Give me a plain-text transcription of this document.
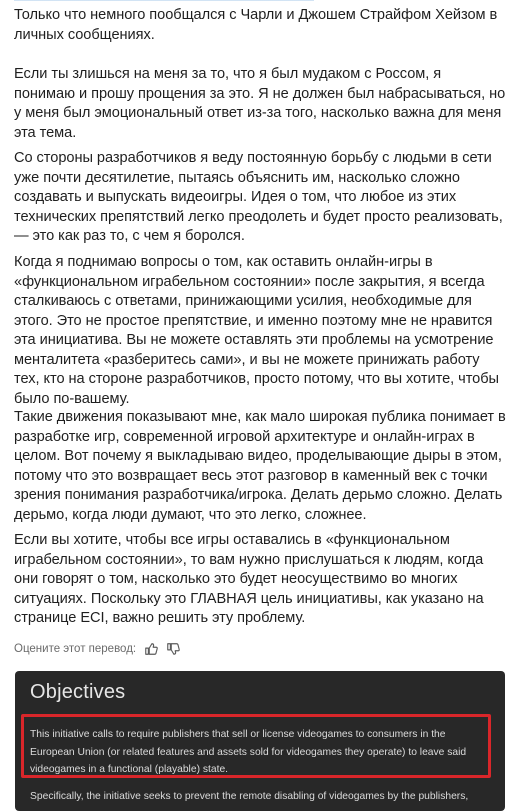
Только что немного пообщался с Чарли и Джошем Страйфом Хейзом в личных сообщениях.

Если ты злишься на меня за то, что я был мудаком с Россом, я понимаю и прошу прощения за это. Я не должен был набрасываться, но у меня был эмоциональный ответ из-за того, насколько важна для меня эта тема.

Со стороны разработчиков я веду постоянную борьбу с людьми в сети уже почти десятилетие, пытаясь объяснить им, насколько сложно создавать и выпускать видеоигры. Идея о том, что любое из этих технических препятствий легко преодолеть и будет просто реализовать, — это как раз то, с чем я боролся.

Когда я поднимаю вопросы о том, как оставить онлайн-игры в «функциональном играбельном состоянии» после закрытия, я всегда сталкиваюсь с ответами, принижающими усилия, необходимые для этого. Это не простое препятствие, и именно поэтому мне не нравится эта инициатива. Вы не можете оставлять эти проблемы на усмотрение менталитета «разберитесь сами», и вы не можете принижать работу тех, кто на стороне разработчиков, просто потому, что вы хотите, чтобы было по-вашему.

Такие движения показывают мне, как мало широкая публика понимает в разработке игр, современной игровой архитектуре и онлайн-играх в целом. Вот почему я выкладываю видео, проделывающие дыры в этом, потому что это возвращает весь этот разговор в каменный век с точки зрения понимания разработчика/игрока. Делать дерьмо сложно. Делать дерьмо, когда люди думают, что это легко, сложнее.

Если вы хотите, чтобы все игры оставались в «функциональном играбельном состоянии», то вам нужно прислушаться к людям, когда они говорят о том, насколько это будет неосуществимо во многих ситуациях. Поскольку это ГЛАВНАЯ цель инициативы, как указано на странице ECI, важно решить эту проблему.

Оцените этот перевод:
Objectives
This initiative calls to require publishers that sell or license videogames to consumers in the European Union (or related features and assets sold for videogames they operate) to leave said videogames in a functional (playable) state.
Specifically, the initiative seeks to prevent the remote disabling of videogames by the publishers,
